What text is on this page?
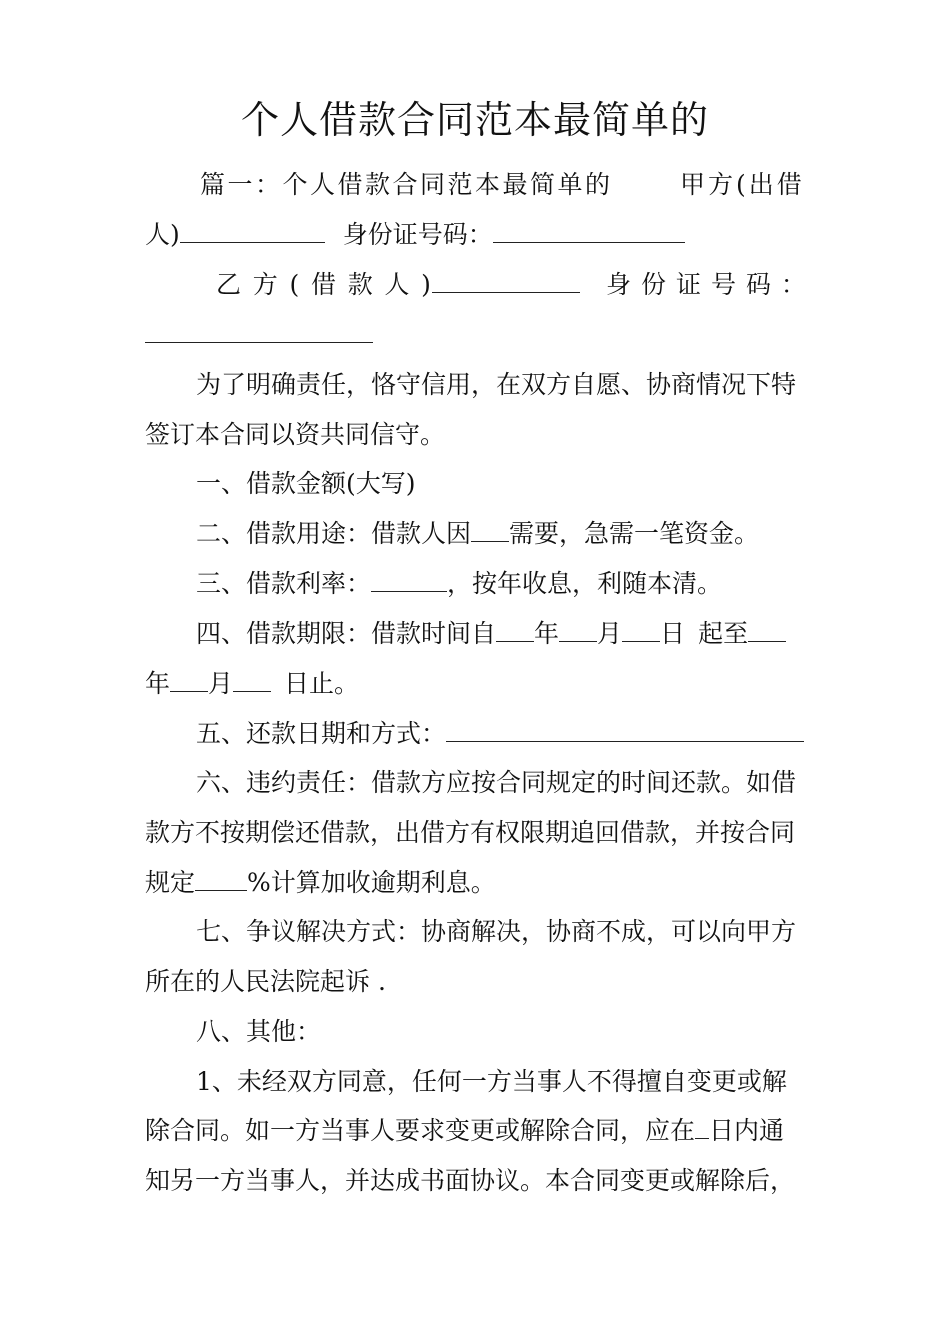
个人借款合同范本最简单的
篇一：个人借款合同范本最简单的	甲方(出借
人)	身份证号码：
乙 方 ( 借 款 人 )	身 份 证 号 码 ：
为了明确责任，恪守信用，在双方自愿、协商情况下特
签订本合同以资共同信守。
一、借款金额(大写)
二、借款用途：借款人因 需要，急需一笔资金。
三、借款利率：	，按年收息，利随本清。
四、借款期限：借款时间自 年 月 日 起至
年 月 日止。
五、还款日期和方式：
六、违约责任：借款方应按合同规定的时间还款。如借
款方不按期偿还借款，出借方有权限期追回借款，并按合同
规定 %计算加收逾期利息。
七、争议解决方式：协商解决，协商不成，可以向甲方
所在的人民法院起诉 .
八、其他：
1、未经双方同意，任何一方当事人不得擅自变更或解
除合同。如一方当事人要求变更或解除合同，应在 日内通
知另一方当事人，并达成书面协议。本合同变更或解除后，
